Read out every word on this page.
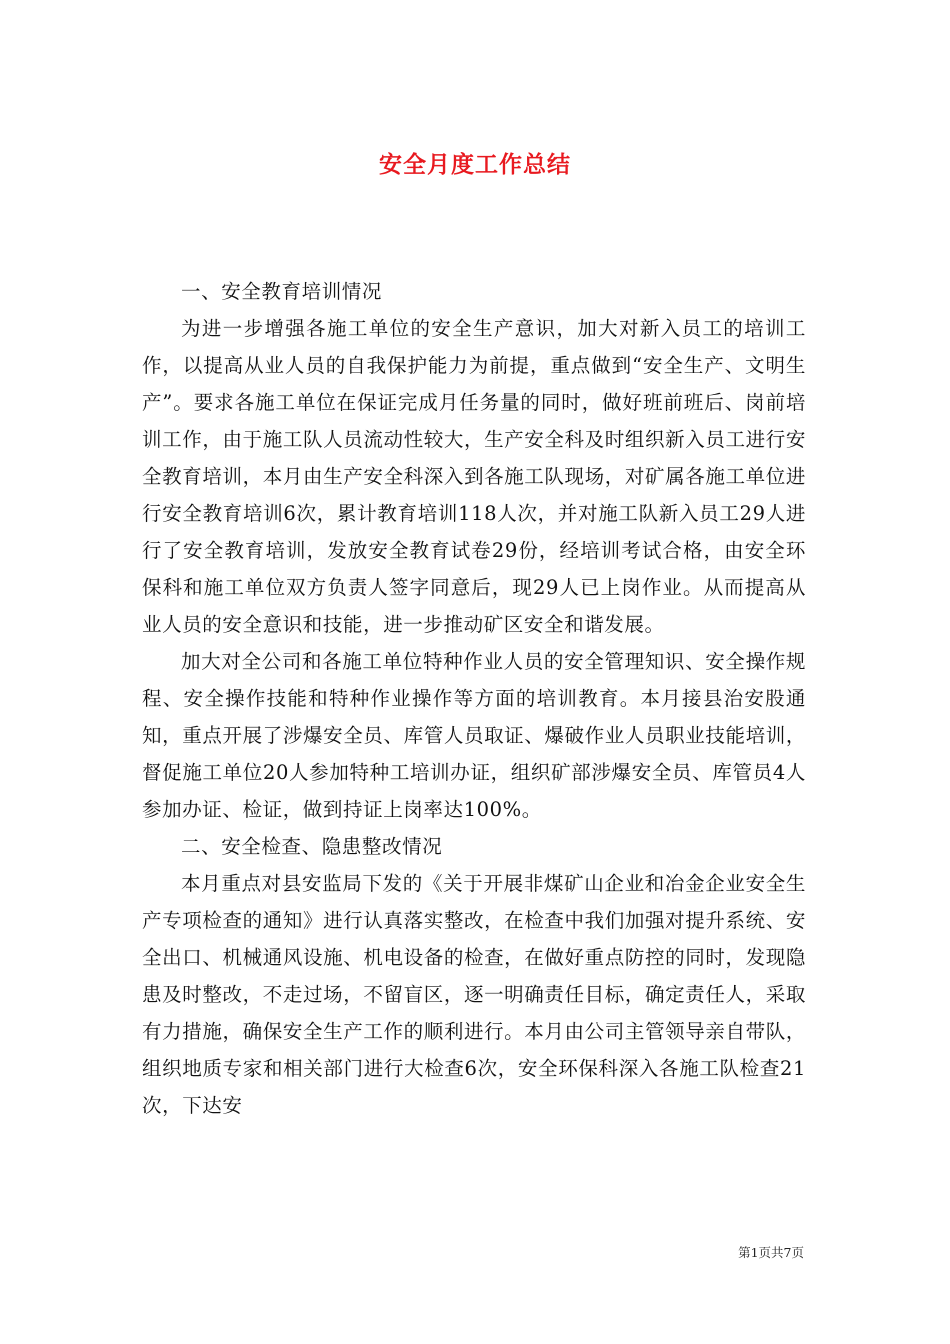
安全月度工作总结

一、安全教育培训情况

为进一步增强各施工单位的安全生产意识，加大对新入员工的培训工作，以提高从业人员的自我保护能力为前提，重点做到“安全生产、文明生产”。要求各施工单位在保证完成月任务量的同时，做好班前班后、岗前培训工作，由于施工队人员流动性较大，生产安全科及时组织新入员工进行安全教育培训，本月由生产安全科深入到各施工队现场，对矿属各施工单位进行安全教育培训6次，累计教育培训118人次，并对施工队新入员工29人进行了安全教育培训，发放安全教育试卷29份，经培训考试合格，由安全环保科和施工单位双方负责人签字同意后，现29人已上岗作业。从而提高从业人员的安全意识和技能，进一步推动矿区安全和谐发展。

加大对全公司和各施工单位特种作业人员的安全管理知识、安全操作规程、安全操作技能和特种作业操作等方面的培训教育。本月接县治安股通知，重点开展了涉爆安全员、库管人员取证、爆破作业人员职业技能培训，督促施工单位20人参加特种工培训办证，组织矿部涉爆安全员、库管员4人参加办证、检证，做到持证上岗率达100%。

二、安全检查、隐患整改情况

本月重点对县安监局下发的《关于开展非煤矿山企业和冶金企业安全生产专项检查的通知》进行认真落实整改，在检查中我们加强对提升系统、安全出口、机械通风设施、机电设备的检查，在做好重点防控的同时，发现隐患及时整改，不走过场，不留盲区，逐一明确责任目标，确定责任人，采取有力措施，确保安全生产工作的顺利进行。本月由公司主管领导亲自带队，组织地质专家和相关部门进行大检查6次，安全环保科深入各施工队检查21次，下达安

第1页共7页
